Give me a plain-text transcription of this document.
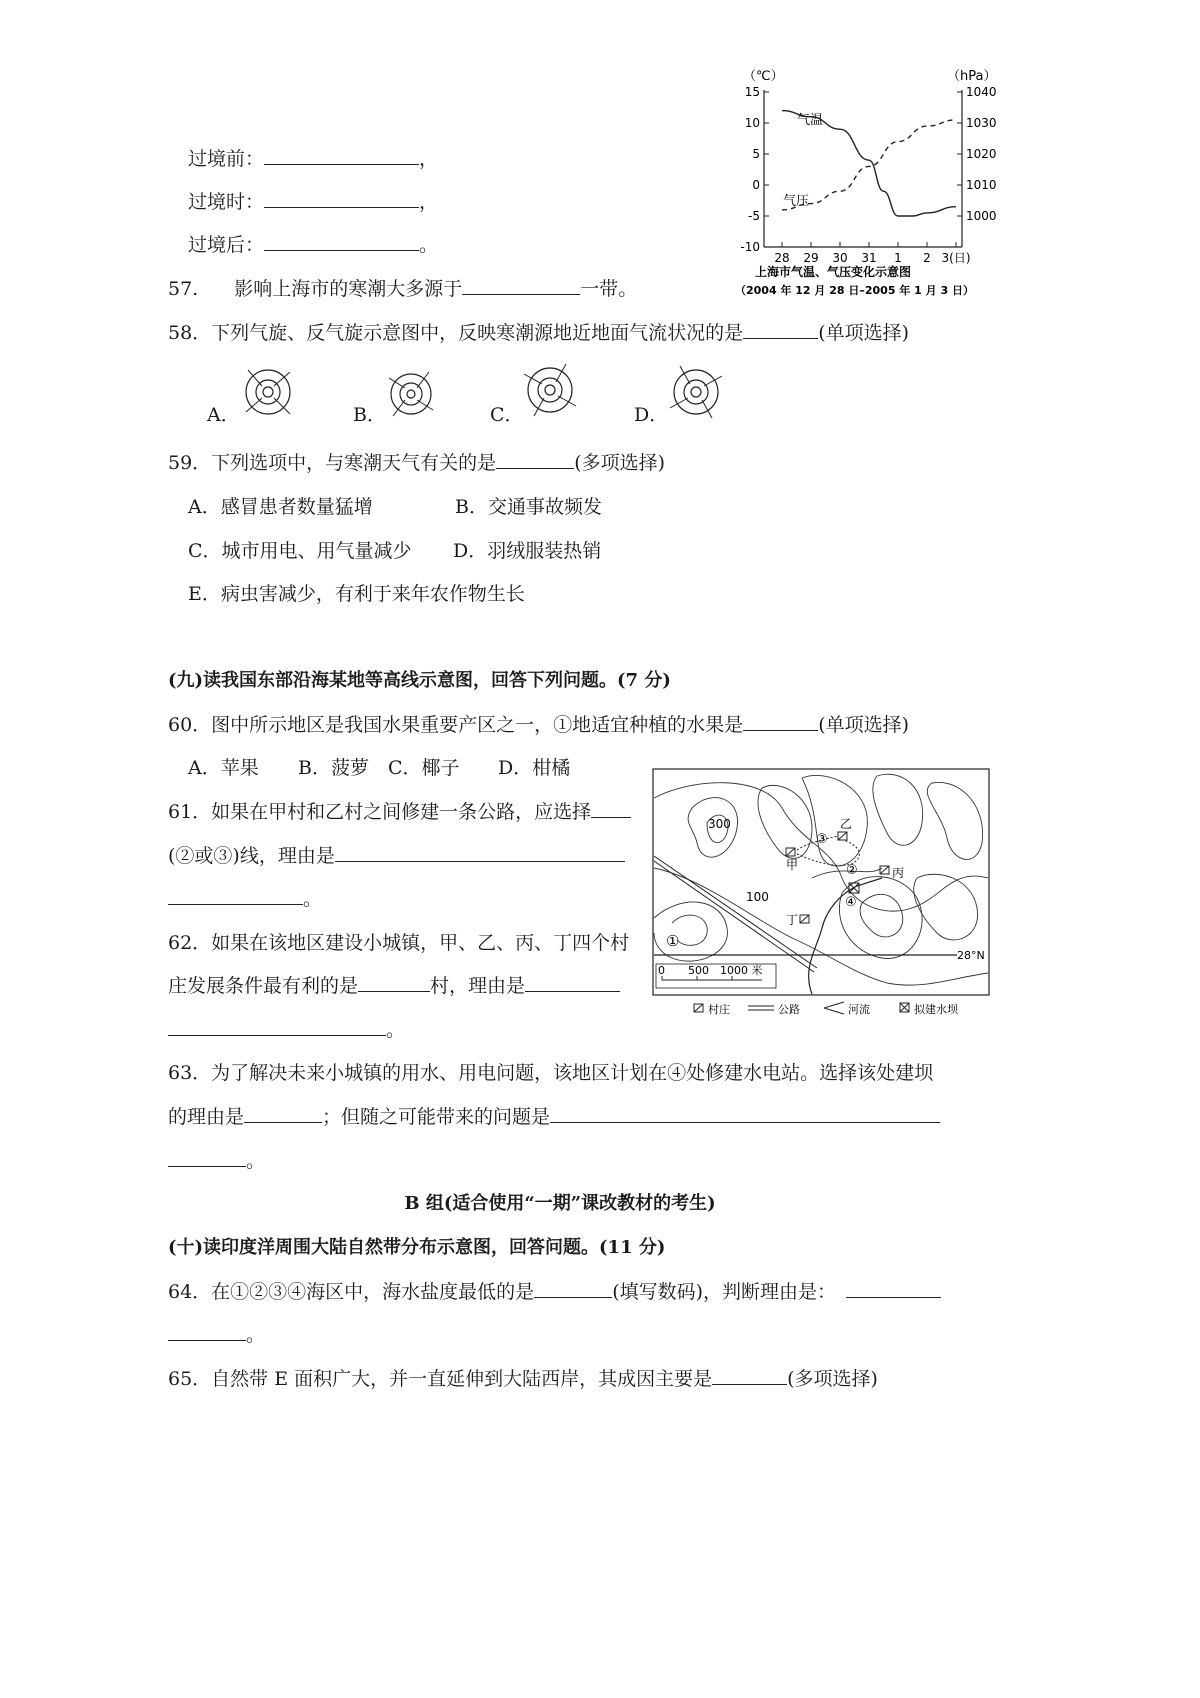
过境前：	，
过境时：	，
过境后：	。
（℃）	（hPa）
15
10
5
0
-5
-10
1040
1030
1020
1010
1000
28 29 30 31 1 2 3(日)
气温
气压
上海市气温、气压变化示意图
（2004 年 12 月 28 日–2005 年 1 月 3 日）
57. 影响上海市的寒潮大多源于	一带。
58．下列气旋、反气旋示意图中，反映寒潮源地近地面气流状况的是	(单项选择)
A．	B．	C．	D．
59．下列选项中，与寒潮天气有关的是	(多项选择)
A．感冒患者数量猛增	B．交通事故频发
C．城市用电、用气量减少 D．羽绒服装热销
E．病虫害减少，有利于来年农作物生长
(九)读我国东部沿海某地等高线示意图，回答下列问题。(7 分)
60．图中所示地区是我国水果重要产区之一，①地适宜种植的水果是	(单项选择)
A．苹果 B．菠萝 C．椰子 D．柑橘
61．如果在甲村和乙村之间修建一条公路，应选择
(②或③)线，理由是
。
62．如果在该地区建设小城镇，甲、乙、丙、丁四个村
庄发展条件最有利的是	村，理由是
。
28°N
300
100
乙
甲
丙
丁
①
②
③
④
0 500 1000 米
村庄	公路	河流	拟建水坝
63．为了解决未来小城镇的用水、用电问题，该地区计划在④处修建水电站。选择该处建坝
的理由是	；但随之可能带来的问题是
。
B 组(适合使用“一期”课改教材的考生)
(十)读印度洋周围大陆自然带分布示意图，回答问题。(11 分)
64．在①②③④海区中，海水盐度最低的是	(填写数码)，判断理由是：
。
65．自然带 E 面积广大，并一直延伸到大陆西岸，其成因主要是	(多项选择)
